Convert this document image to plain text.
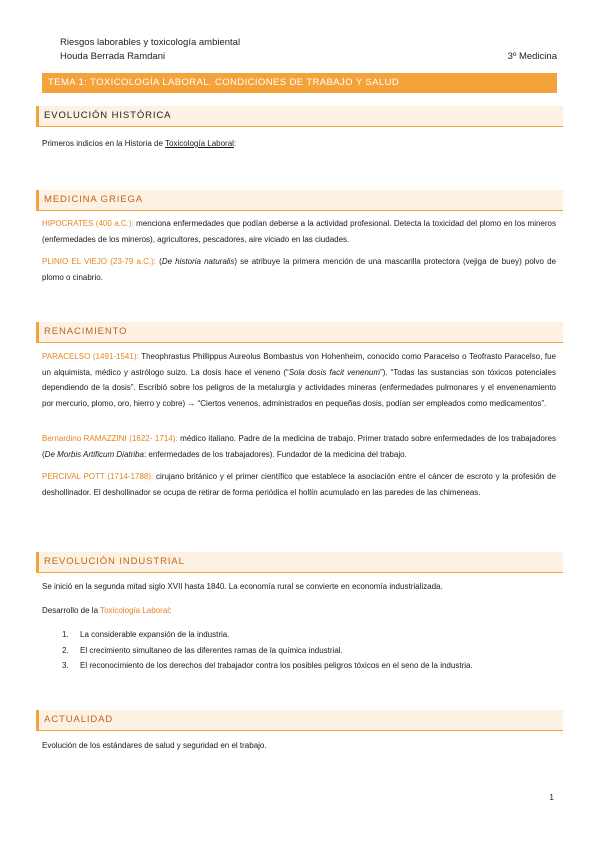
Riesgos laborables y toxicología ambiental
Houda Berrada Ramdani	3º Medicina
TEMA 1: TOXICOLOGÍA LABORAL. CONDICIONES DE TRABAJO Y SALUD
EVOLUCIÓN HISTÓRICA
Primeros indicios en la Historia de Toxicología Laboral:
MEDICINA GRIEGA
HIPOCRATES (400 a.C.): menciona enfermedades que podían deberse a la actividad profesional. Detecta la toxicidad del plomo en los mineros (enfermedades de los mineros), agricultores, pescadores, aire viciado en las ciudades.
PLINIO EL VIEJO (23-79 a.C.): (De historia naturalis) se atribuye la primera mención de una mascarilla protectora (vejiga de buey) polvo de plomo o cinabrio.
RENACIMIENTO
PARACELSO (1491-1541): Theophrastus Phillippus Aureolus Bombastus von Hohenheim, conocido como Paracelso o Teofrasto Paracelso, fue un alquimista, médico y astrólogo suizo. La dosis hace el veneno (“Sola dosis facit venenum”). “Todas las sustancias son tóxicos potenciales dependiendo de la dosis”. Escribió sobre los peligros de la metalurgia y actividades mineras (enfermedades pulmonares y el envenenamiento por mercurio, plomo, oro, hierro y cobre) → “Ciertos venenos, administrados en pequeñas dosis, podían ser empleados como medicamentos”.
Bernardino RAMAZZINI (1622- 1714): médico italiano. Padre de la medicina de trabajo. Primer tratado sobre enfermedades de los trabajadores (De Morbis Artificum Diatriba: enfermedades de los trabajadores). Fundador de la medicina del trabajo.
PERCIVAL POTT (1714-1788): cirujano británico y el primer científico que establece la asociación entre el cáncer de escroto y la profesión de deshollinador. El deshollinador se ocupa de retirar de forma periódica el hollín acumulado en las paredes de las chimeneas.
REVOLUCIÓN INDUSTRIAL
Se inició en la segunda mitad siglo XVII hasta 1840. La economía rural se convierte en economía industrializada.
Desarrollo de la Toxicología Laboral:
1. La considerable expansión de la industria.
2. El crecimiento simultaneo de las diferentes ramas de la química industrial.
3. El reconocimiento de los derechos del trabajador contra los posibles peligros tóxicos en el seno de la industria.
ACTUALIDAD
Evolución de los estándares de salud y seguridad en el trabajo.
1
